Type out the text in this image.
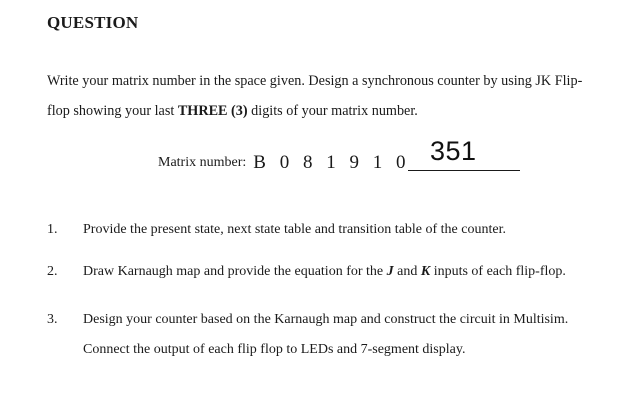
QUESTION
Write your matrix number in the space given. Design a synchronous counter by using JK Flip-
flop showing your last THREE (3) digits of your matrix number.
Matrix number: B 0 8 1 9 1 0 351
1. Provide the present state, next state table and transition table of the counter.
2. Draw Karnaugh map and provide the equation for the J and K inputs of each flip-flop.
3. Design your counter based on the Karnaugh map and construct the circuit in Multisim.
Connect the output of each flip flop to LEDs and 7-segment display.
